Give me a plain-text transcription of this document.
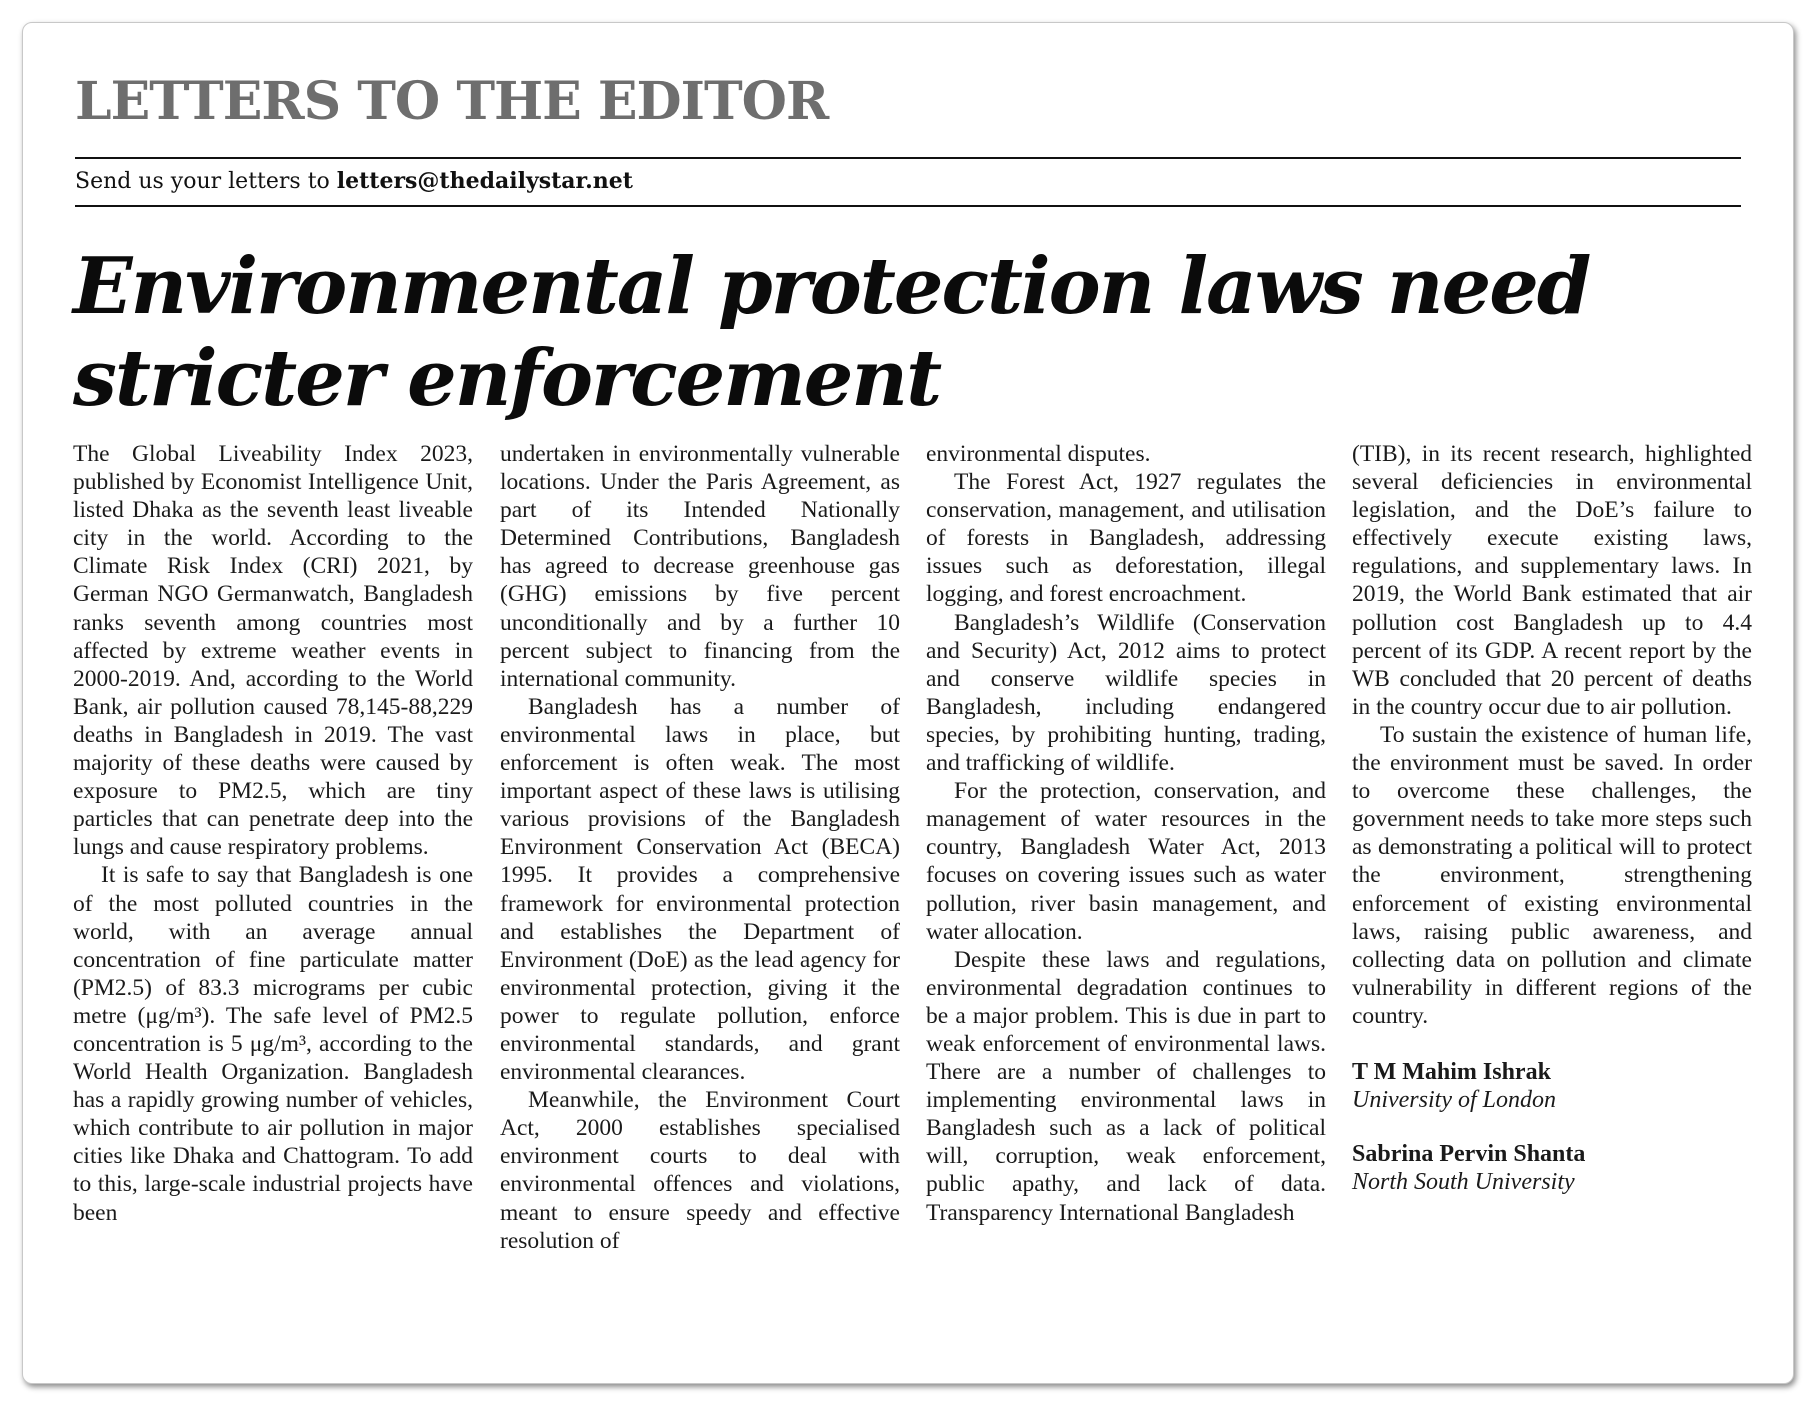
LETTERS TO THE EDITOR
Send us your letters to letters@thedailystar.net
Environmental protection laws need stricter enforcement

The Global Liveability Index 2023, published by Economist Intelligence Unit, listed Dhaka as the seventh least liveable city in the world. According to the Climate Risk Index (CRI) 2021, by German NGO Germanwatch, Bangladesh ranks seventh among countries most affected by extreme weather events in 2000-2019. And, according to the World Bank, air pollution caused 78,145-88,229 deaths in Bangladesh in 2019. The vast majority of these deaths were caused by exposure to PM2.5, which are tiny particles that can penetrate deep into the lungs and cause respiratory problems.

It is safe to say that Bangladesh is one of the most polluted countries in the world, with an average annual concentration of fine particulate matter (PM2.5) of 83.3 micrograms per cubic metre (μg/m³). The safe level of PM2.5 concentration is 5 μg/m³, according to the World Health Organization. Bangladesh has a rapidly growing number of vehicles, which contribute to air pollution in major cities like Dhaka and Chattogram. To add to this, large-scale industrial projects have been

undertaken in environmentally vulnerable locations. Under the Paris Agreement, as part of its Intended Nationally Determined Contributions, Bangladesh has agreed to decrease greenhouse gas (GHG) emissions by five percent unconditionally and by a further 10 percent subject to financing from the international community.

Bangladesh has a number of environmental laws in place, but enforcement is often weak. The most important aspect of these laws is utilising various provisions of the Bangladesh Environment Conservation Act (BECA) 1995. It provides a comprehensive framework for environmental protection and establishes the Department of Environment (DoE) as the lead agency for environmental protection, giving it the power to regulate pollution, enforce environmental standards, and grant environmental clearances.

Meanwhile, the Environment Court Act, 2000 establishes specialised environment courts to deal with environmental offences and violations, meant to ensure speedy and effective resolution of

environmental disputes.

The Forest Act, 1927 regulates the conservation, management, and utilisation of forests in Bangladesh, addressing issues such as deforestation, illegal logging, and forest encroachment.

Bangladesh’s Wildlife (Conservation and Security) Act, 2012 aims to protect and conserve wildlife species in Bangladesh, including endangered species, by prohibiting hunting, trading, and trafficking of wildlife.

For the protection, conservation, and management of water resources in the country, Bangladesh Water Act, 2013 focuses on covering issues such as water pollution, river basin management, and water allocation.

Despite these laws and regulations, environmental degradation continues to be a major problem. This is due in part to weak enforcement of environmental laws. There are a number of challenges to implementing environmental laws in Bangladesh such as a lack of political will, corruption, weak enforcement, public apathy, and lack of data. Transparency International Bangladesh

(TIB), in its recent research, highlighted several deficiencies in environmental legislation, and the DoE’s failure to effectively execute existing laws, regulations, and supplementary laws. In 2019, the World Bank estimated that air pollution cost Bangladesh up to 4.4 percent of its GDP. A recent report by the WB concluded that 20 percent of deaths in the country occur due to air pollution.

To sustain the existence of human life, the environment must be saved. In order to overcome these challenges, the government needs to take more steps such as demonstrating a political will to protect the environment, strengthening enforcement of existing environmental laws, raising public awareness, and collecting data on pollution and climate vulnerability in different regions of the country.

T M Mahim Ishrak
University of London
Sabrina Pervin Shanta
North South University
